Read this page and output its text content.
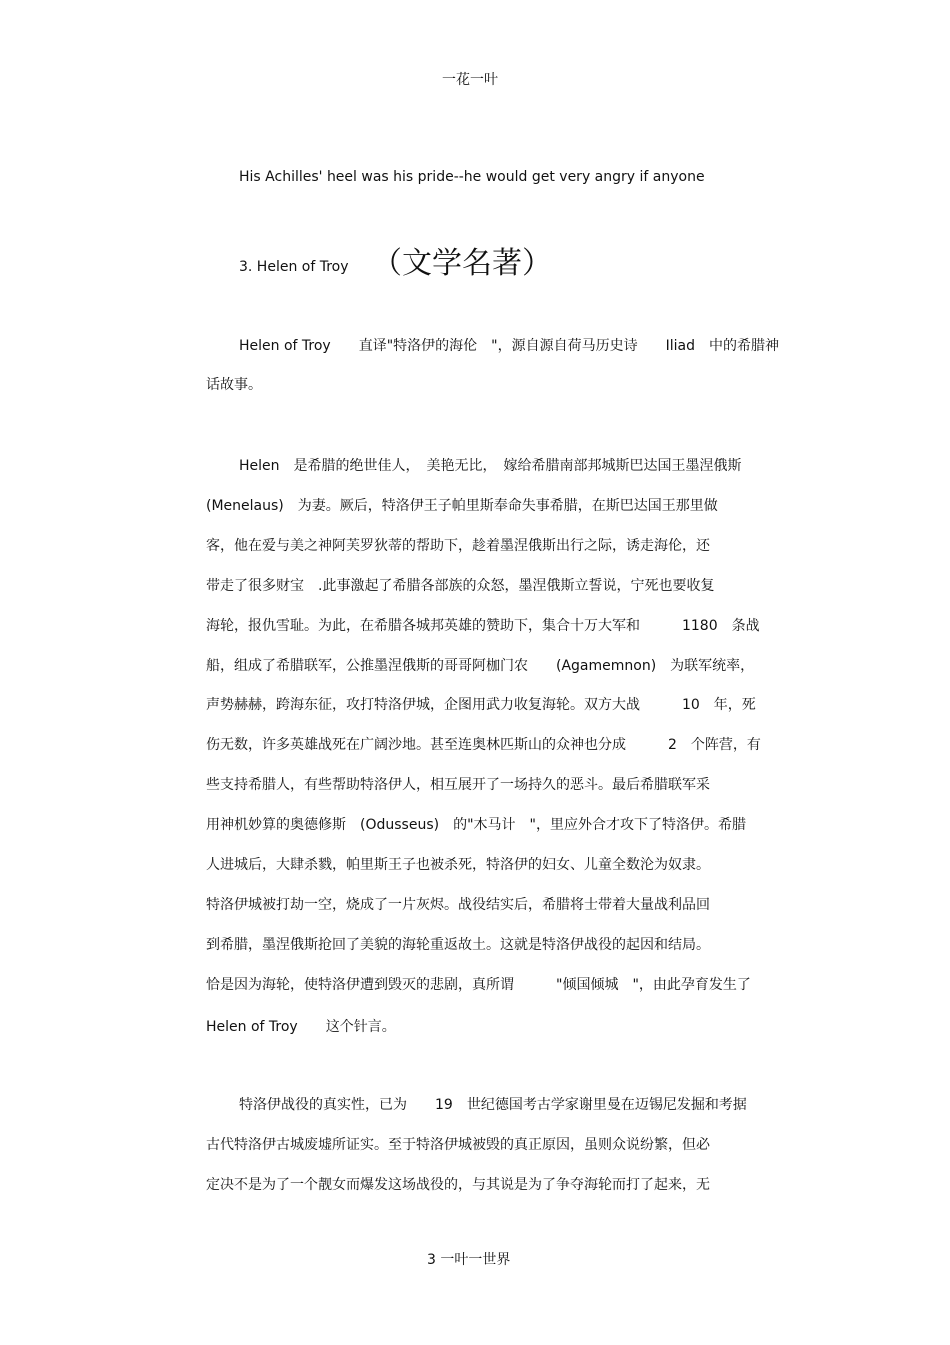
一花一叶
His Achilles' heel was his pride--he would get very angry if anyone
3. Helen of Troy （文学名著）
Helen of Troy　　直译"特洛伊的海伦　"，源自源自荷马历史诗　　Iliad　中的希腊神
话故事。
Helen　是希腊的绝世佳人，　美艳无比，　嫁给希腊南部邦城斯巴达国王墨涅俄斯
(Menelaus)　为妻。厥后，特洛伊王子帕里斯奉命失事希腊，在斯巴达国王那里做
客，他在爱与美之神阿芙罗狄蒂的帮助下，趁着墨涅俄斯出行之际，诱走海伦，还
带走了很多财宝　.此事激起了希腊各部族的众怒，墨涅俄斯立誓说，宁死也要收复
海轮，报仇雪耻。为此，在希腊各城邦英雄的赞助下，集合十万大军和　　　1180　条战
船，组成了希腊联军，公推墨涅俄斯的哥哥阿枷门农　　(Agamemnon)　为联军统率，
声势赫赫，跨海东征，攻打特洛伊城，企图用武力收复海轮。双方大战　　　10　年，死
伤无数，许多英雄战死在广阔沙地。甚至连奥林匹斯山的众神也分成　　　2　个阵营，有
些支持希腊人，有些帮助特洛伊人，相互展开了一场持久的恶斗。最后希腊联军采
用神机妙算的奥德修斯　(Odusseus)　的"木马计　"，里应外合才攻下了特洛伊。希腊
人进城后，大肆杀戮，帕里斯王子也被杀死，特洛伊的妇女、儿童全数沦为奴隶。
特洛伊城被打劫一空，烧成了一片灰烬。战役结实后，希腊将士带着大量战利品回
到希腊，墨涅俄斯抢回了美貌的海轮重返故土。这就是特洛伊战役的起因和结局。
恰是因为海轮，使特洛伊遭到毁灭的悲剧，真所谓　　　"倾国倾城　"，由此孕育发生了
Helen of Troy　　这个针言。
特洛伊战役的真实性，已为　　19　世纪德国考古学家谢里曼在迈锡尼发掘和考据
古代特洛伊古城废墟所证实。至于特洛伊城被毁的真正原因，虽则众说纷繁，但必
定决不是为了一个靓女而爆发这场战役的，与其说是为了争夺海轮而打了起来，无
3 一叶一世界
